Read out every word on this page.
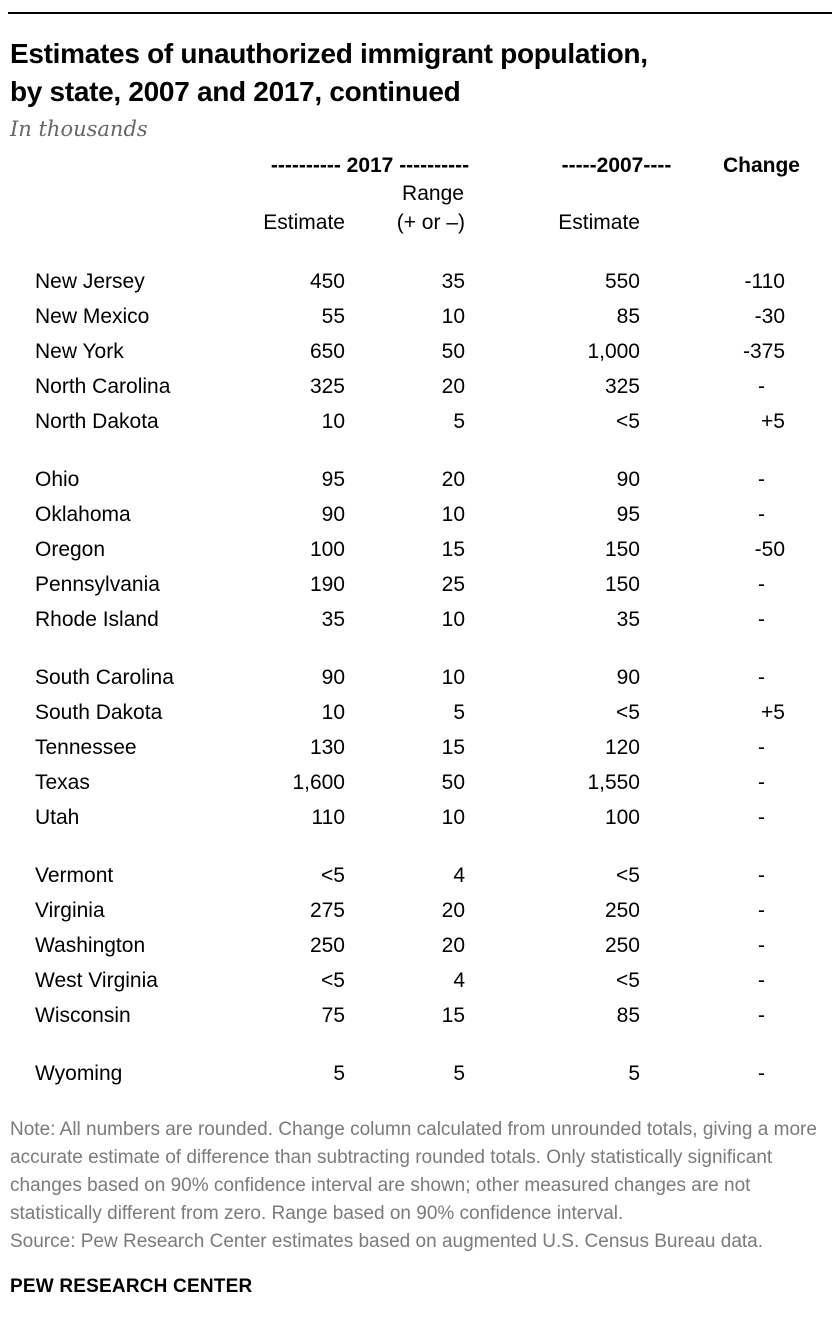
Estimates of unauthorized immigrant population,
by state, 2007 and 2017, continued
In thousands

	---------- 2017 ----------		-----2007----	Change

		Range		

	Estimate	(+ or –)	Estimate	
New Jersey	450	35	550	-110
New Mexico	55	10	85	-30
New York	650	50	1,000	-375
North Carolina	325	20	325	-
North Dakota	10	5	<5	+5
Ohio	95	20	90	-
Oklahoma	90	10	95	-
Oregon	100	15	150	-50
Pennsylvania	190	25	150	-
Rhode Island	35	10	35	-
South Carolina	90	10	90	-
South Dakota	10	5	<5	+5
Tennessee	130	15	120	-
Texas	1,600	50	1,550	-
Utah	110	10	100	-
Vermont	<5	4	<5	-
Virginia	275	20	250	-
Washington	250	20	250	-
West Virginia	<5	4	<5	-
Wisconsin	75	15	85	-
Wyoming	5	5	5	-

Note: All numbers are rounded. Change column calculated from unrounded totals, giving a more accurate estimate of difference than subtracting rounded totals. Only statistically significant changes based on 90% confidence interval are shown; other measured changes are not statistically different from zero. Range based on 90% confidence interval.

Source: Pew Research Center estimates based on augmented U.S. Census Bureau data.

PEW RESEARCH CENTER
